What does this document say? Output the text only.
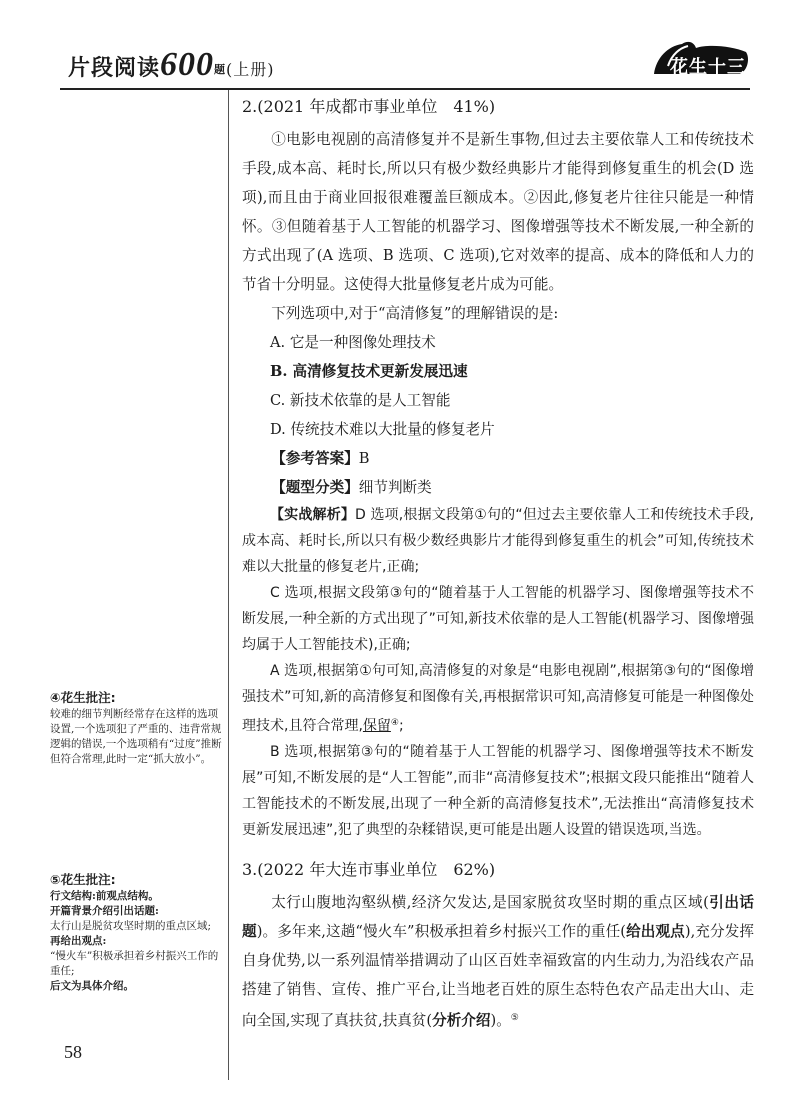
片段阅读600题(上册)	花生十三

2.(2021 年成都市事业单位　41%)

①电影电视剧的高清修复并不是新生事物,但过去主要依靠人工和传统技术手段,成本高、耗时长,所以只有极少数经典影片才能得到修复重生的机会(D 选项),而且由于商业回报很难覆盖巨额成本。②因此,修复老片往往只能是一种情怀。③但随着基于人工智能的机器学习、图像增强等技术不断发展,一种全新的方式出现了(A 选项、B 选项、C 选项),它对效率的提高、成本的降低和人力的节省十分明显。这使得大批量修复老片成为可能。

下列选项中,对于“高清修复”的理解错误的是:

A. 它是一种图像处理技术

B. 高清修复技术更新发展迅速

C. 新技术依靠的是人工智能

D. 传统技术难以大批量的修复老片

【参考答案】B

【题型分类】细节判断类

【实战解析】D 选项,根据文段第①句的“但过去主要依靠人工和传统技术手段,成本高、耗时长,所以只有极少数经典影片才能得到修复重生的机会”可知,传统技术难以大批量的修复老片,正确;

C 选项,根据文段第③句的“随着基于人工智能的机器学习、图像增强等技术不断发展,一种全新的方式出现了”可知,新技术依靠的是人工智能(机器学习、图像增强均属于人工智能技术),正确;

A 选项,根据第①句可知,高清修复的对象是“电影电视剧”,根据第③句的“图像增强技术”可知,新的高清修复和图像有关,再根据常识可知,高清修复可能是一种图像处理技术,且符合常理,保留④;

B 选项,根据第③句的“随着基于人工智能的机器学习、图像增强等技术不断发展”可知,不断发展的是“人工智能”,而非“高清修复技术”;根据文段只能推出“随着人工智能技术的不断发展,出现了一种全新的高清修复技术”,无法推出“高清修复技术更新发展迅速”,犯了典型的杂糅错误,更可能是出题人设置的错误选项,当选。

3.(2022 年大连市事业单位　62%)

太行山腹地沟壑纵横,经济欠发达,是国家脱贫攻坚时期的重点区域(引出话题)。多年来,这趟“慢火车”积极承担着乡村振兴工作的重任(给出观点),充分发挥自身优势,以一系列温情举措调动了山区百姓幸福致富的内生动力,为沿线农产品搭建了销售、宣传、推广平台,让当地老百姓的原生态特色农产品走出大山、走向全国,实现了真扶贫,扶真贫(分析介绍)。⑤

④花生批注:

较难的细节判断经常存在这样的选项设置,一个选项犯了严重的、违背常规逻辑的错误,一个选项稍有“过度”推断但符合常理,此时一定“抓大放小”。

⑤花生批注:

行文结构:前观点结构。

开篇背景介绍引出话题:

太行山是脱贫攻坚时期的重点区域;

再给出观点:

“慢火车”积极承担着乡村振兴工作的重任;

后文为具体介绍。

58
